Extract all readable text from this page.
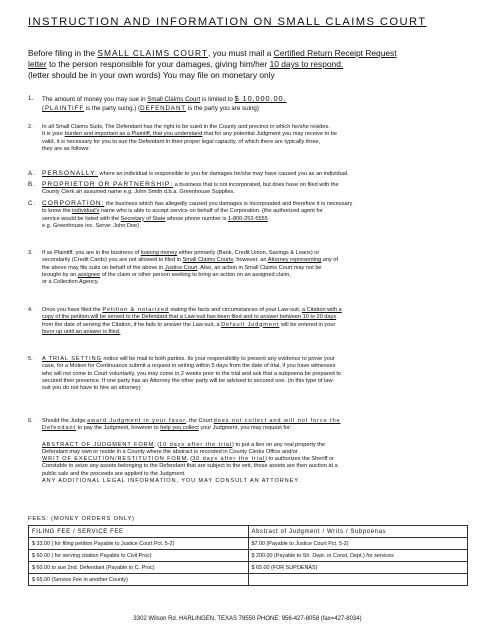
INSTRUCTION AND INFORMATION ON SMALL CLAIMS COURT
Before filing in the SMALL CLAIMS COURT, you must mail a Certified Return Receipt Request
letter to the person responsible for your damages, giving him/her 10 days to respond.
(letter should be in your own words) You may file on monetary only
1. The amount of money you may sue in Small Claims Court is limited to $ 10,000.00.
(PLAINTIFF is the party suing.) (DEFENDANT is the party you are suing)
2. In all Small Claims Suits, The Defendant has the right to be sued in the County and precinct in which he/she resides.
It is your burden and important as a Plaintiff, that you understand that for any potential Judgment you may receive to be
valid, it is necessary for you to sue the Defendant in their proper legal capacity, of which there are typically three,
they are as follows:
A. PERSONALLY: where an individual is responsible to you for damages he/she may have caused you as an individual.
B. PROPRIETOR OR PARTNERSHIP: a business that is not incorporated, but does have on filed with the
County Clerk an assumed name e.g. John Smith d.b.a. Greenhouse Supplies.
C. CORPORATION: the business which has allegedly caused you damages is incorporated and therefore it is necessary
to know the individual's name who is able to accept service on behalf of the Corporation. (the authorized agent for
service would be listed with the Secretary of State whose phone number is 1-800-252-5555
e.g. Greenhouse inc. Serve: John Doe)
3. If as Plaintiff, you are in the business of loaning money either primarily (Bank, Credit Union, Savings & Loans) or
secondarily (Credit Cards) you are not allowed to filed in Small Claims Courts, however, an Attorney representing any of
the above may file suits on behalf of the above in Justice Court. Also, an action in Small Claims Court may not be
brought by an assignee of the claim or other person seeking to bring an action on an assigned claim,
or a Collection Agency.
4. Once you have filed the Petition & notarized stating the facts and circumstances of your Law-suit, a Citation with a
copy of the petition will be served to the Defendant that a Law-suit has been filed and to answer between 10 to 20 days
from the date of serving the Citation, if he fails to answer the Law-suit, a Default Judgment will be entered in your
favor up until an answer is filed.
5. A TRIAL SETTING notice will be mail to both parties. Its your responsibility to present any evidence to prove your
case, for a Motion for Continuance submit a request in writing within 5 days from the date of trial, if you have witnesses
who will not come to Court voluntarily, you may come in 2 weeks prior to the trial and ask that a subpoena be prepared to
secured their presence. If one party has an Attorney the other party will be advised to secured one. (in this type of law-
suit you do not have to hire an attorney)
6. Should the Judge award Judgment in your favor, the Court does not collect and will not force the
Defendant to pay the Judgment, however to help you collect your Judgment, you may request for:
ABSTRACT OF JUDGMENT FORM, (10 days after the trial) to put a lien on any real property the
Defendant may own or reside in a County where the abstract is recorded in County Clerks Office and/or
WRIT OF EXECUTION/RESTITUTION FORM, (30 days after the trial) to authorizes the Sheriff or
Constable to seize any assets belonging to the Defendant that are subject to the writ, those assets are then auction at a
public sale and the proceeds are applied to the Judgment.
ANY ADDITIONAL LEGAL INFORMATION, YOU MAY CONSULT AN ATTORNEY.
FEES: (MONEY ORDERS ONLY)
FILING FEE / SERVICE FEE	Abstract of Judgment / Writs / Subpoenas
$ 33.00 ( for filing petition Payable to Justice Court Pct. 5-2)	$7.00 (Payable to Justice Court Pct. 5-2)
$ 60.00 ( for serving citation Payable to Civil Proc)	$ 200.00 (Payable to Sh. Dept. or Const. Dept.) for services
$ 60.00 to sue 2nd. Defendant (Payable to C. Proc)	$ 65.00 (FOR SUPOENAS)
$ 65.00 (Service Fee in another County)	
3302 Wilson Rd. HARLINGEN, TEXAS 78550 PHONE: 956-427-8058 (fax=427-8034)
